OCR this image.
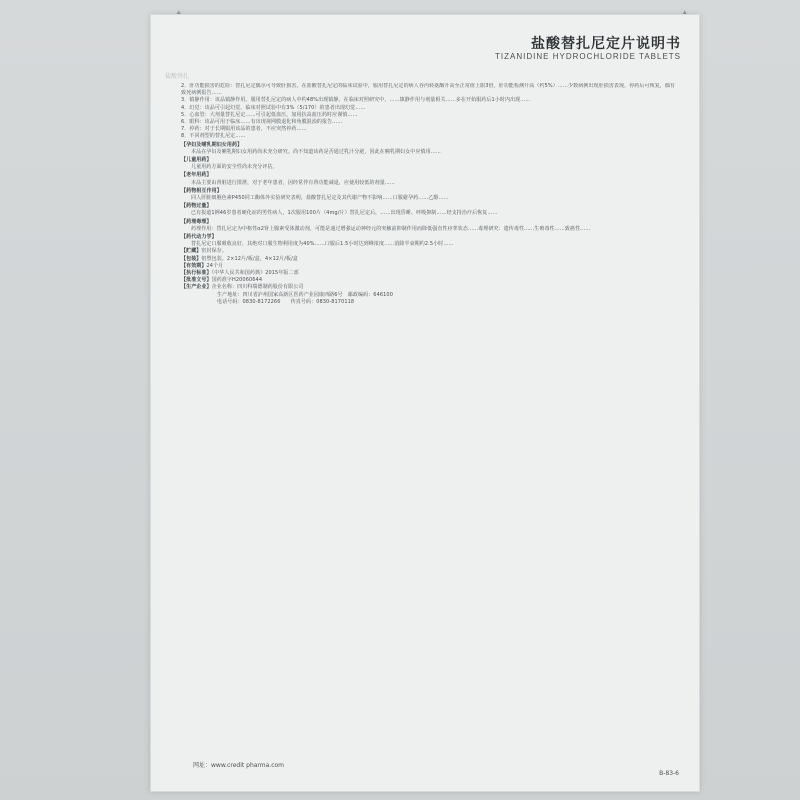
盐酸替扎尼定片说明书
TIZANIDINE HYDROCHLORIDE TABLETS
盐酸替扎

2．肝功能损害的危险：替扎尼定偶尔可导致肝损害。在盐酸替扎尼定的临床试验中，服用替扎尼定的病人谷丙转氨酶升高至正常值上限3倍，肝功能检测升高（约5%）……少数病例出现肝损害表现，停药后可恢复，偶有致死病例报告……

3．镇静作用：该品镇静作用。服用替扎尼定的病人中约48%出现镇静。在临床对照研究中，……镇静作用与剂量相关……多在开始服药后1小时内出现……

4．幻觉：该品可引起幻觉。临床对照试验中有3%（5/170）的患者出现幻觉……

5．心血管：大剂量替扎尼定……可引起低血压，加用抗高血压药时应谨慎……

6．眼科：该品可用于临床……有出现视网膜退化和角膜混浊的报告……

7．停药：对于长期服用该品的患者，不应突然停药……

8．不同剂型的替扎尼定……

【孕妇及哺乳期妇女用药】

本品在孕妇及哺乳期妇女用药尚未充分研究。尚不知道该药是否通过乳汁分泌，因此在哺乳期妇女中应慎用……

【儿童用药】

儿童用药方面的安全性尚未充分评估。

【老年用药】

本品主要由肾脏进行排泄，对于老年患者，因经常伴有肾功能减退，应使用较低的剂量……

【药物相互作用】

同人肝脏细胞色素P450同工酶体外实验研究表明，盐酸替扎尼定及其代谢产物不影响……口服避孕药……乙醇……

【药物过量】

已有报道1例46岁患者硬化症的男性病人，1次服用100片（4mg/片）替扎尼定后，……出现昏睡、呼吸抑制……经支持治疗后恢复……

【药理毒理】

药理作用：替扎尼定为中枢性α2肾上腺素受体激动剂，可能是通过增强运动神经元的突触前抑制作用而降低强直性痉挛状态……毒理研究：遗传毒性……生殖毒性……致癌性……

【药代动力学】

替扎尼定口服吸收良好，其绝对口服生物利用度为40%……口服后1.5小时达到峰浓度……消除半衰期约2.5小时……

【贮藏】密封保存。
【包装】铝塑包装。2×12片/板/盒，4×12片/板/盒
【有效期】24个月
【执行标准】《中华人民共和国药典》2015年版二部
【批准文号】国药准字H20060644
【生产企业】企业名称：四川科瑞德制药股份有限公司
生产地址：四川省泸州国家高新区医药产业园康西路6号　 邮政编码：646100
电话号码：0830-8172266　　 传真号码：0830-8170118
网址：www.credit pharma.com
B-83-6
